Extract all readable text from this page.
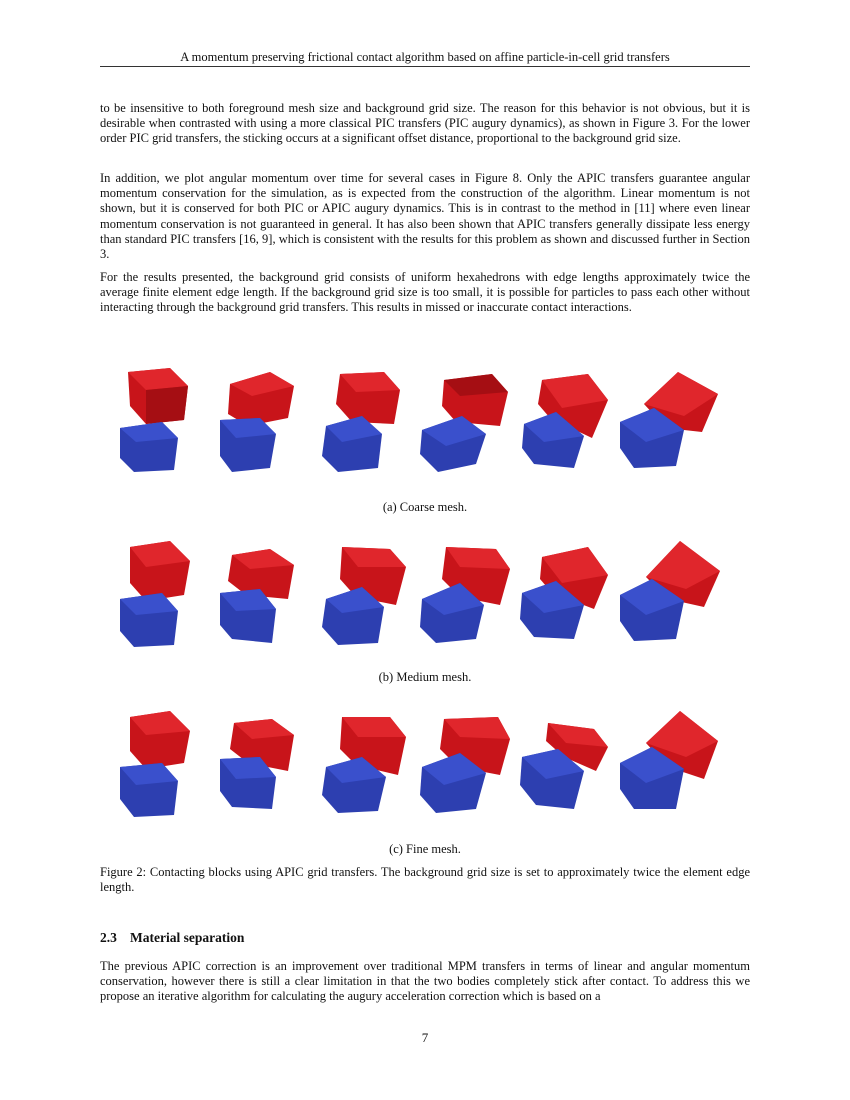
A momentum preserving frictional contact algorithm based on affine particle-in-cell grid transfers

to be insensitive to both foreground mesh size and background grid size. The reason for this behavior is not obvious, but it is desirable when contrasted with using a more classical PIC transfers (PIC augury dynamics), as shown in Figure 3. For the lower order PIC grid transfers, the sticking occurs at a significant offset distance, proportional to the background grid size.

In addition, we plot angular momentum over time for several cases in Figure 8. Only the APIC transfers guarantee angular momentum conservation for the simulation, as is expected from the construction of the algorithm. Linear momentum is not shown, but it is conserved for both PIC or APIC augury dynamics. This is in contrast to the method in [11] where even linear momentum conservation is not guaranteed in general. It has also been shown that APIC transfers generally dissipate less energy than standard PIC transfers [16, 9], which is consistent with the results for this problem as shown and discussed further in Section 3.

For the results presented, the background grid consists of uniform hexahedrons with edge lengths approximately twice the average finite element edge length. If the background grid size is too small, it is possible for particles to pass each other without interacting through the background grid transfers. This results in missed or inaccurate contact interactions.

(a) Coarse mesh.
(b) Medium mesh.
(c) Fine mesh.

Figure 2: Contacting blocks using APIC grid transfers. The background grid size is set to approximately twice the element edge length.

2.3 Material separation

The previous APIC correction is an improvement over traditional MPM transfers in terms of linear and angular momentum conservation, however there is still a clear limitation in that the two bodies completely stick after contact. To address this we propose an iterative algorithm for calculating the augury acceleration correction which is based on a

7
